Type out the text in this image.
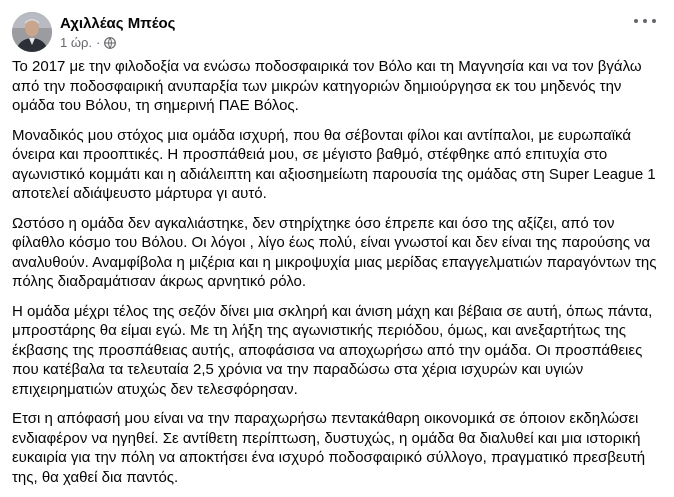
Αχιλλέας Μπέος
1 ώρ. ·

Το 2017 με την φιλοδοξία να ενώσω ποδοσφαιρικά τον Βόλο και τη Μαγνησία και να τον βγάλω από την ποδοσφαιρική ανυπαρξία των μικρών κατηγοριών δημιούργησα εκ του μηδενός την ομάδα του Βόλου, τη σημερινή ΠΑΕ Βόλος.

Μοναδικός μου στόχος μια ομάδα ισχυρή, που θα σέβονται φίλοι και αντίπαλοι, με ευρωπαϊκά όνειρα και προοπτικές. Η προσπάθειά μου, σε μέγιστο βαθμό, στέφθηκε από επιτυχία στο αγωνιστικό κομμάτι και η αδιάλειπτη και αξιοσημείωτη παρουσία της ομάδας στη Super League 1 αποτελεί αδιάψευστο μάρτυρα γι αυτό.

Ωστόσο η ομάδα δεν αγκαλιάστηκε, δεν στηρίχτηκε όσο έπρεπε και όσο της αξίζει, από τον φίλαθλο κόσμο του Βόλου. Οι λόγοι , λίγο έως πολύ, είναι γνωστοί και δεν είναι της παρούσης να αναλυθούν. Αναμφίβολα η μιζέρια και η μικροψυχία μιας μερίδας επαγγελματιών παραγόντων της πόλης διαδραμάτισαν άκρως αρνητικό ρόλο.

Η ομάδα μέχρι τέλος της σεζόν δίνει μια σκληρή και άνιση μάχη και βέβαια σε αυτή, όπως πάντα, μπροστάρης θα είμαι εγώ. Με τη λήξη της αγωνιστικής περιόδου, όμως, και ανεξαρτήτως της έκβασης της προσπάθειας αυτής, αποφάσισα να αποχωρήσω από την ομάδα. Οι προσπάθειες που κατέβαλα τα τελευταία 2,5 χρόνια να την παραδώσω στα χέρια ισχυρών και υγιών επιχειρηματιών ατυχώς δεν τελεσφόρησαν.

Ετσι η απόφασή μου είναι να την παραχωρήσω πεντακάθαρη οικονομικά σε όποιον εκδηλώσει ενδιαφέρον να ηγηθεί. Σε αντίθετη περίπτωση, δυστυχώς, η ομάδα θα διαλυθεί και μια ιστορική ευκαιρία για την πόλη να αποκτήσει ένα ισχυρό ποδοσφαιρικό σύλλογο, πραγματικό πρεσβευτή της, θα χαθεί δια παντός.
